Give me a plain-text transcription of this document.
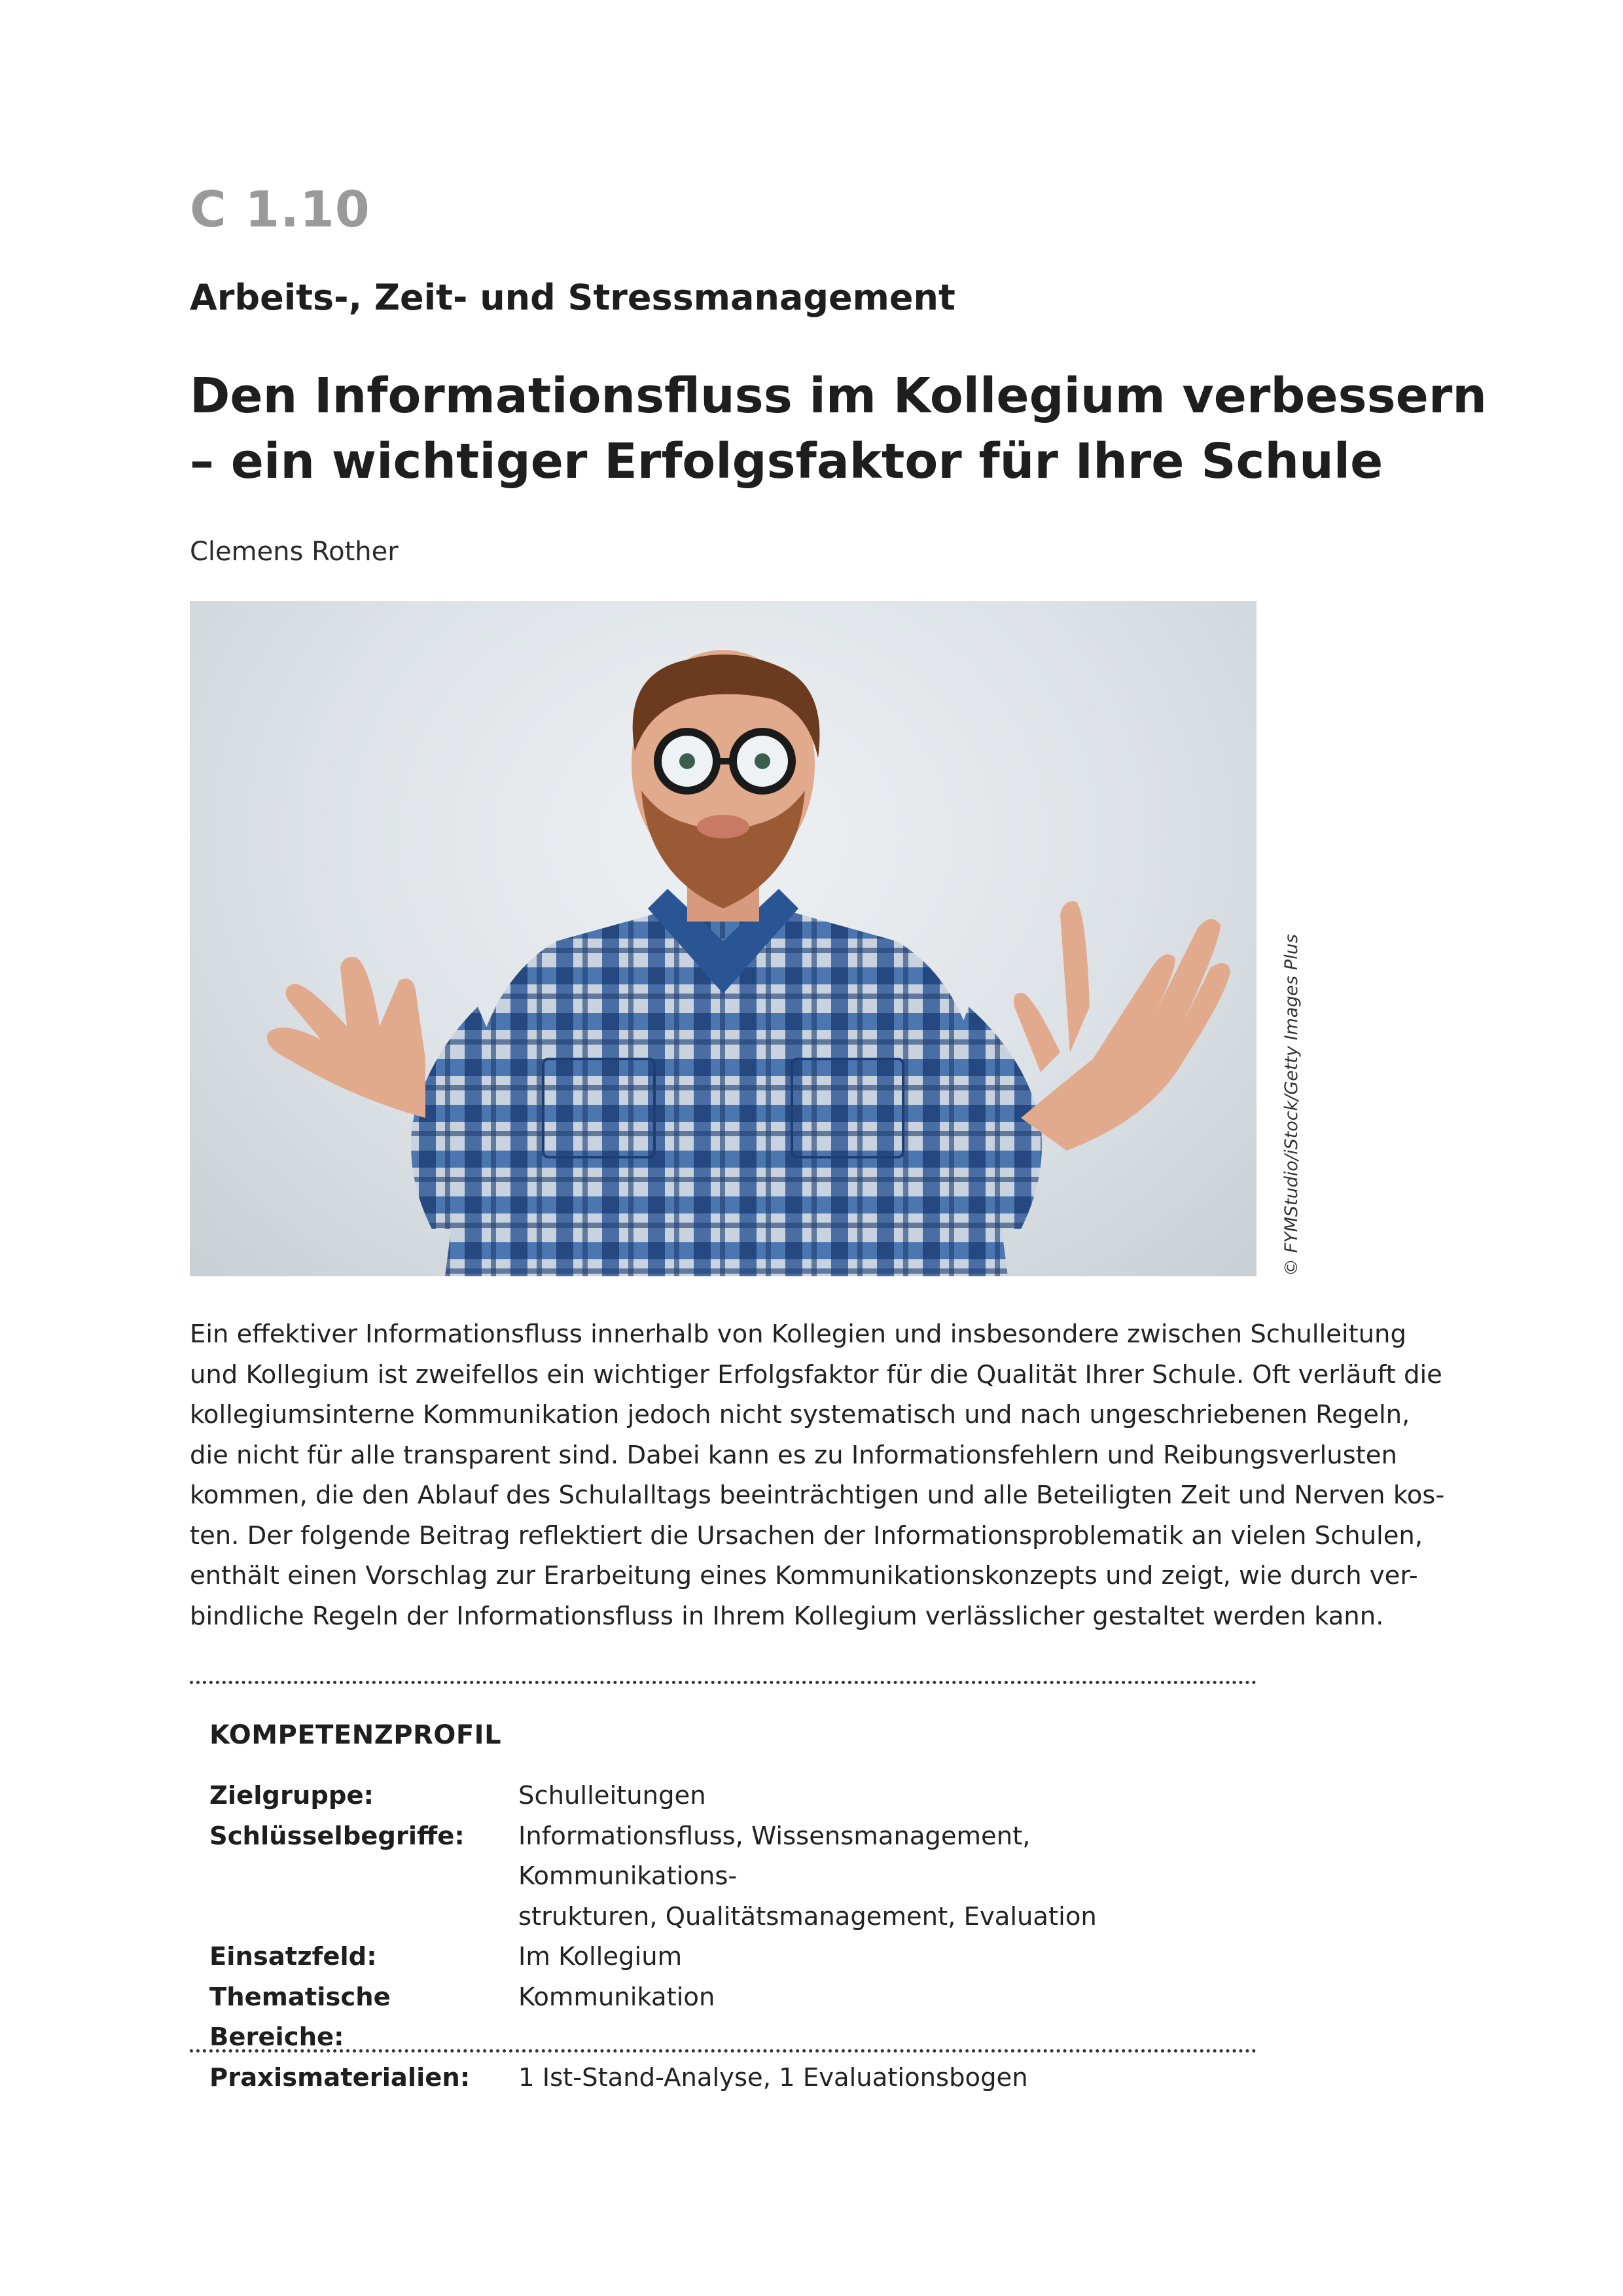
C 1.10
Arbeits-, Zeit- und Stressmanagement
Den Informationsfluss im Kollegium verbessern
– ein wichtiger Erfolgsfaktor für Ihre Schule
Clemens Rother
© FYMStudio/iStock/Getty Images Plus
Ein effektiver Informationsfluss innerhalb von Kollegien und insbesondere zwischen Schulleitung
und Kollegium ist zweifellos ein wichtiger Erfolgsfaktor für die Qualität Ihrer Schule. Oft verläuft die
kollegiumsinterne Kommunikation jedoch nicht systematisch und nach ungeschriebenen Regeln,
die nicht für alle transparent sind. Dabei kann es zu Informationsfehlern und Reibungsverlusten
kommen, die den Ablauf des Schulalltags beeinträchtigen und alle Beteiligten Zeit und Nerven kos-
ten. Der folgende Beitrag reflektiert die Ursachen der Informationsproblematik an vielen Schulen,
enthält einen Vorschlag zur Erarbeitung eines Kommunikationskonzepts und zeigt, wie durch ver-
bindliche Regeln der Informationsfluss in Ihrem Kollegium verlässlicher gestaltet werden kann.
KOMPETENZPROFIL
Zielgruppe:	Schulleitungen
Schlüsselbegriffe:	Informationsfluss, Wissensmanagement, Kommunikations-
strukturen, Qualitätsmanagement, Evaluation
Einsatzfeld:	Im Kollegium
Thematische Bereiche:
Kommunikation
Praxismaterialien:	1 Ist-Stand-Analyse, 1 Evaluationsbogen
